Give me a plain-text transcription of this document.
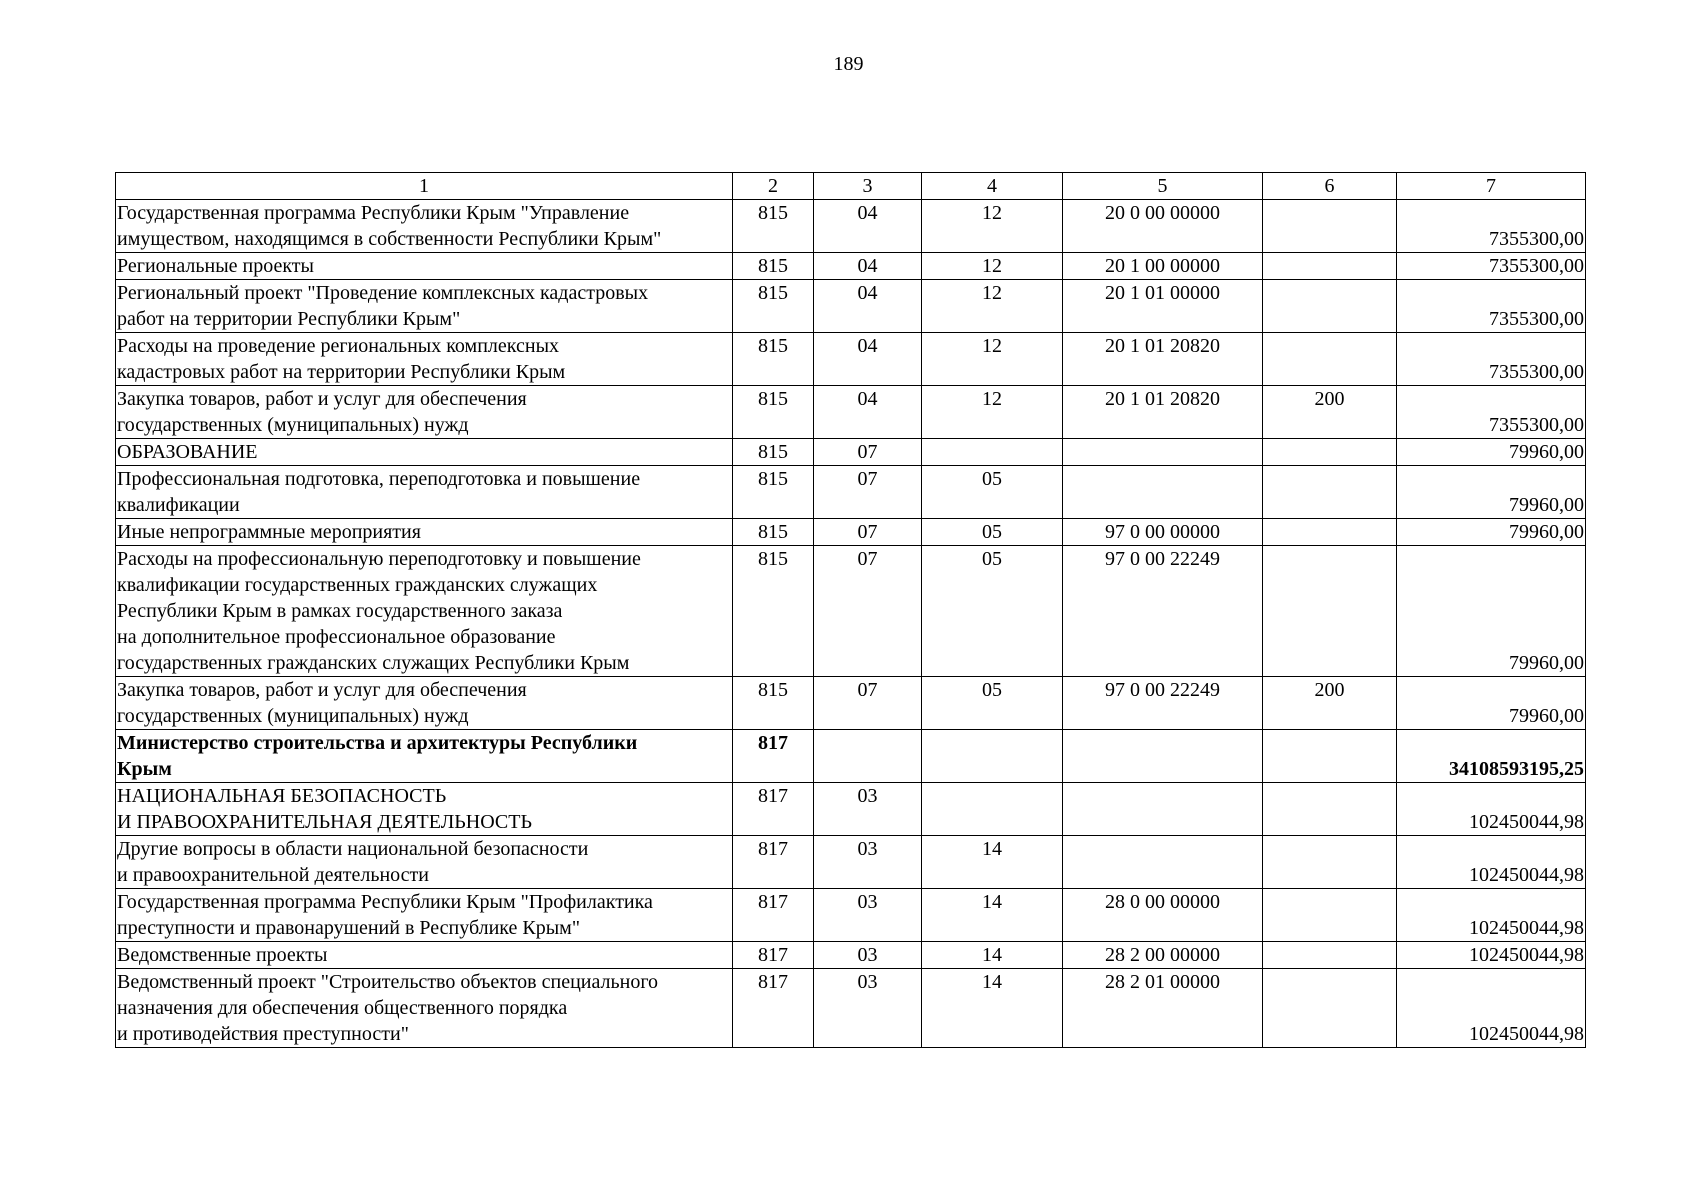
189
1	2	3	4	5	6	7

Государственная программа Республики Крым "Управление
имуществом, находящимся в собственности Республики Крым"	815	04	12	20 0 00 00000		7355300,00

Региональные проекты	815	04	12	20 1 00 00000		7355300,00

Региональный проект "Проведение комплексных кадастровых
работ на территории Республики Крым"	815	04	12	20 1 01 00000		7355300,00

Расходы на проведение региональных комплексных
кадастровых работ на территории Республики Крым	815	04	12	20 1 01 20820		7355300,00

Закупка товаров, работ и услуг для обеспечения
государственных (муниципальных) нужд	815	04	12	20 1 01 20820	200	7355300,00

ОБРАЗОВАНИЕ	815	07				79960,00

Профессиональная подготовка, переподготовка и повышение
квалификации	815	07	05			79960,00

Иные непрограммные мероприятия	815	07	05	97 0 00 00000		79960,00

Расходы на профессиональную переподготовку и повышение
квалификации государственных гражданских служащих
Республики Крым в рамках государственного заказа
на дополнительное профессиональное образование
государственных гражданских служащих Республики Крым	815	07	05	97 0 00 22249		79960,00

Закупка товаров, работ и услуг для обеспечения
государственных (муниципальных) нужд	815	07	05	97 0 00 22249	200	79960,00

Министерство строительства и архитектуры Республики
Крым	817					34108593195,25

НАЦИОНАЛЬНАЯ БЕЗОПАСНОСТЬ
И ПРАВООХРАНИТЕЛЬНАЯ ДЕЯТЕЛЬНОСТЬ	817	03				102450044,98

Другие вопросы в области национальной безопасности
и правоохранительной деятельности	817	03	14			102450044,98

Государственная программа Республики Крым "Профилактика
преступности и правонарушений в Республике Крым"	817	03	14	28 0 00 00000		102450044,98

Ведомственные проекты	817	03	14	28 2 00 00000		102450044,98

Ведомственный проект "Строительство объектов специального
назначения для обеспечения общественного порядка
и противодействия преступности"	817	03	14	28 2 01 00000		102450044,98
